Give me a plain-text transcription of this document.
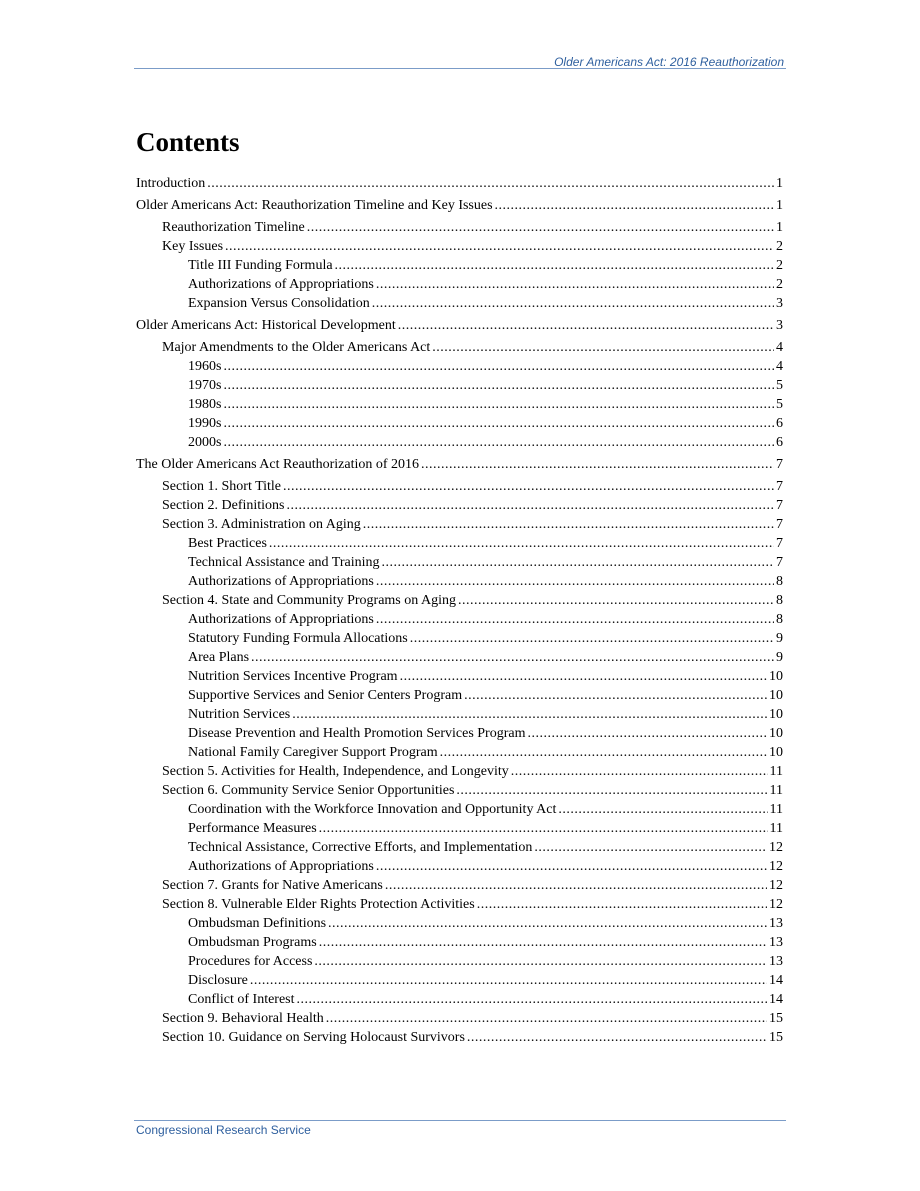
Older Americans Act: 2016 Reauthorization
Contents
Introduction .....	1
Older Americans Act: Reauthorization Timeline and Key Issues .....	1
Reauthorization Timeline .....	1
Key Issues .....	2
Title III Funding Formula .....	2
Authorizations of Appropriations .....	2
Expansion Versus Consolidation .....	3
Older Americans Act: Historical Development .....	3
Major Amendments to the Older Americans Act .....	4
1960s .....	4
1970s .....	5
1980s .....	5
1990s .....	6
2000s .....	6
The Older Americans Act Reauthorization of 2016 .....	7
Section 1. Short Title .....	7
Section 2. Definitions .....	7
Section 3. Administration on Aging .....	7
Best Practices .....	7
Technical Assistance and Training .....	7
Authorizations of Appropriations .....	8
Section 4. State and Community Programs on Aging .....	8
Authorizations of Appropriations .....	8
Statutory Funding Formula Allocations .....	9
Area Plans .....	9
Nutrition Services Incentive Program .....	10
Supportive Services and Senior Centers Program .....	10
Nutrition Services .....	10
Disease Prevention and Health Promotion Services Program .....	10
National Family Caregiver Support Program .....	10
Section 5. Activities for Health, Independence, and Longevity .....	11
Section 6. Community Service Senior Opportunities .....	11
Coordination with the Workforce Innovation and Opportunity Act .....	11
Performance Measures .....	11
Technical Assistance, Corrective Efforts, and Implementation .....	12
Authorizations of Appropriations .....	12
Section 7. Grants for Native Americans .....	12
Section 8. Vulnerable Elder Rights Protection Activities .....	12
Ombudsman Definitions .....	13
Ombudsman Programs .....	13
Procedures for Access .....	13
Disclosure .....	14
Conflict of Interest .....	14
Section 9. Behavioral Health .....	15
Section 10. Guidance on Serving Holocaust Survivors .....	15
Congressional Research Service
